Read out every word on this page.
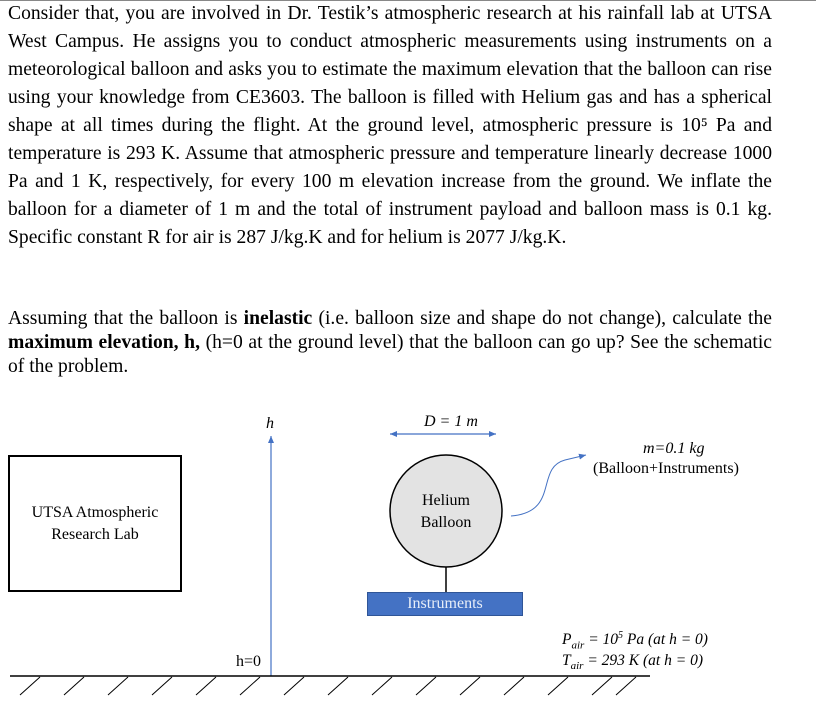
Consider that, you are involved in Dr. Testik’s atmospheric research at his rainfall lab at UTSA West Campus. He assigns you to conduct atmospheric measurements using instruments on a meteorological balloon and asks you to estimate the maximum elevation that the balloon can rise using your knowledge from CE3603. The balloon is filled with Helium gas and has a spherical shape at all times during the flight. At the ground level, atmospheric pressure is 10⁵ Pa and temperature is 293 K. Assume that atmospheric pressure and temperature linearly decrease 1000 Pa and 1 K, respectively, for every 100 m elevation increase from the ground. We inflate the balloon for a diameter of 1 m and the total of instrument payload and balloon mass is 0.1 kg. Specific constant R for air is 287 J/kg.K and for helium is 2077 J/kg.K.
Assuming that the balloon is inelastic (i.e. balloon size and shape do not change), calculate the maximum elevation, h, (h=0 at the ground level) that the balloon can go up? See the schematic of the problem.
UTSA Atmospheric
Research Lab
h
h=0
D = 1 m
m=0.1 kg
(Balloon+Instruments)
Helium
Balloon
Instruments
$P_{air} = 10^5$ Pa (at h = 0)
$T_{air} = 293$ K (at h = 0)
